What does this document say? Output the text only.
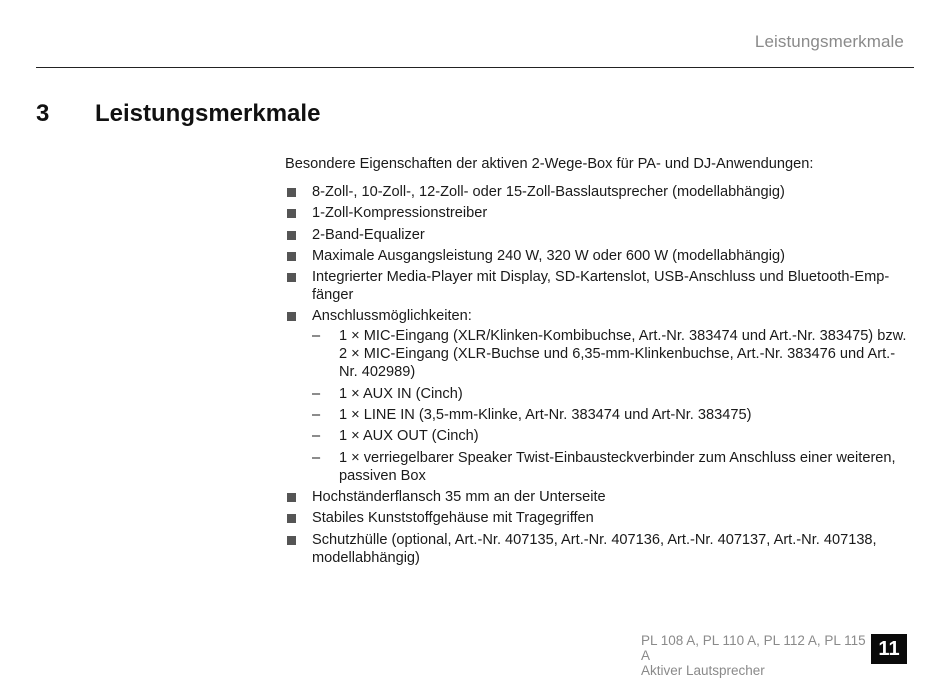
Leistungsmerkmale
3 Leistungsmerkmale

Besondere Eigenschaften der aktiven 2-Wege-Box für PA- und DJ-Anwendungen:

8-Zoll-, 10-Zoll-, 12-Zoll- oder 15-Zoll-Basslautsprecher (modellabhängig)
1-Zoll-Kompressionstreiber
2-Band-Equalizer
Maximale Ausgangsleistung 240 W, 320 W oder 600 W (modellabhängig)
Integrierter Media-Player mit Display, SD-Kartenslot, USB-Anschluss und Bluetooth-Emp-fänger
Anschlussmöglichkeiten:
– 1 × MIC-Eingang (XLR/Klinken-Kombibuchse, Art.-Nr. 383474 und Art.-Nr. 383475) bzw. 2 × MIC-Eingang (XLR-Buchse und 6,35-mm-Klinkenbuchse, Art.-Nr. 383476 und Art.-Nr. 402989)
– 1 × AUX IN (Cinch)
– 1 × LINE IN (3,5-mm-Klinke, Art-Nr. 383474 und Art-Nr. 383475)
– 1 × AUX OUT (Cinch)
– 1 × verriegelbarer Speaker Twist-Einbausteckverbinder zum Anschluss einer weiteren, passiven Box
Hochständerflansch 35 mm an der Unterseite
Stabiles Kunststoffgehäuse mit Tragegriffen
Schutzhülle (optional, Art.-Nr. 407135, Art.-Nr. 407136, Art.-Nr. 407137, Art.-Nr. 407138, modellabhängig)
PL 108 A, PL 110 A, PL 112 A, PL 115 A
Aktiver Lautsprecher
11
